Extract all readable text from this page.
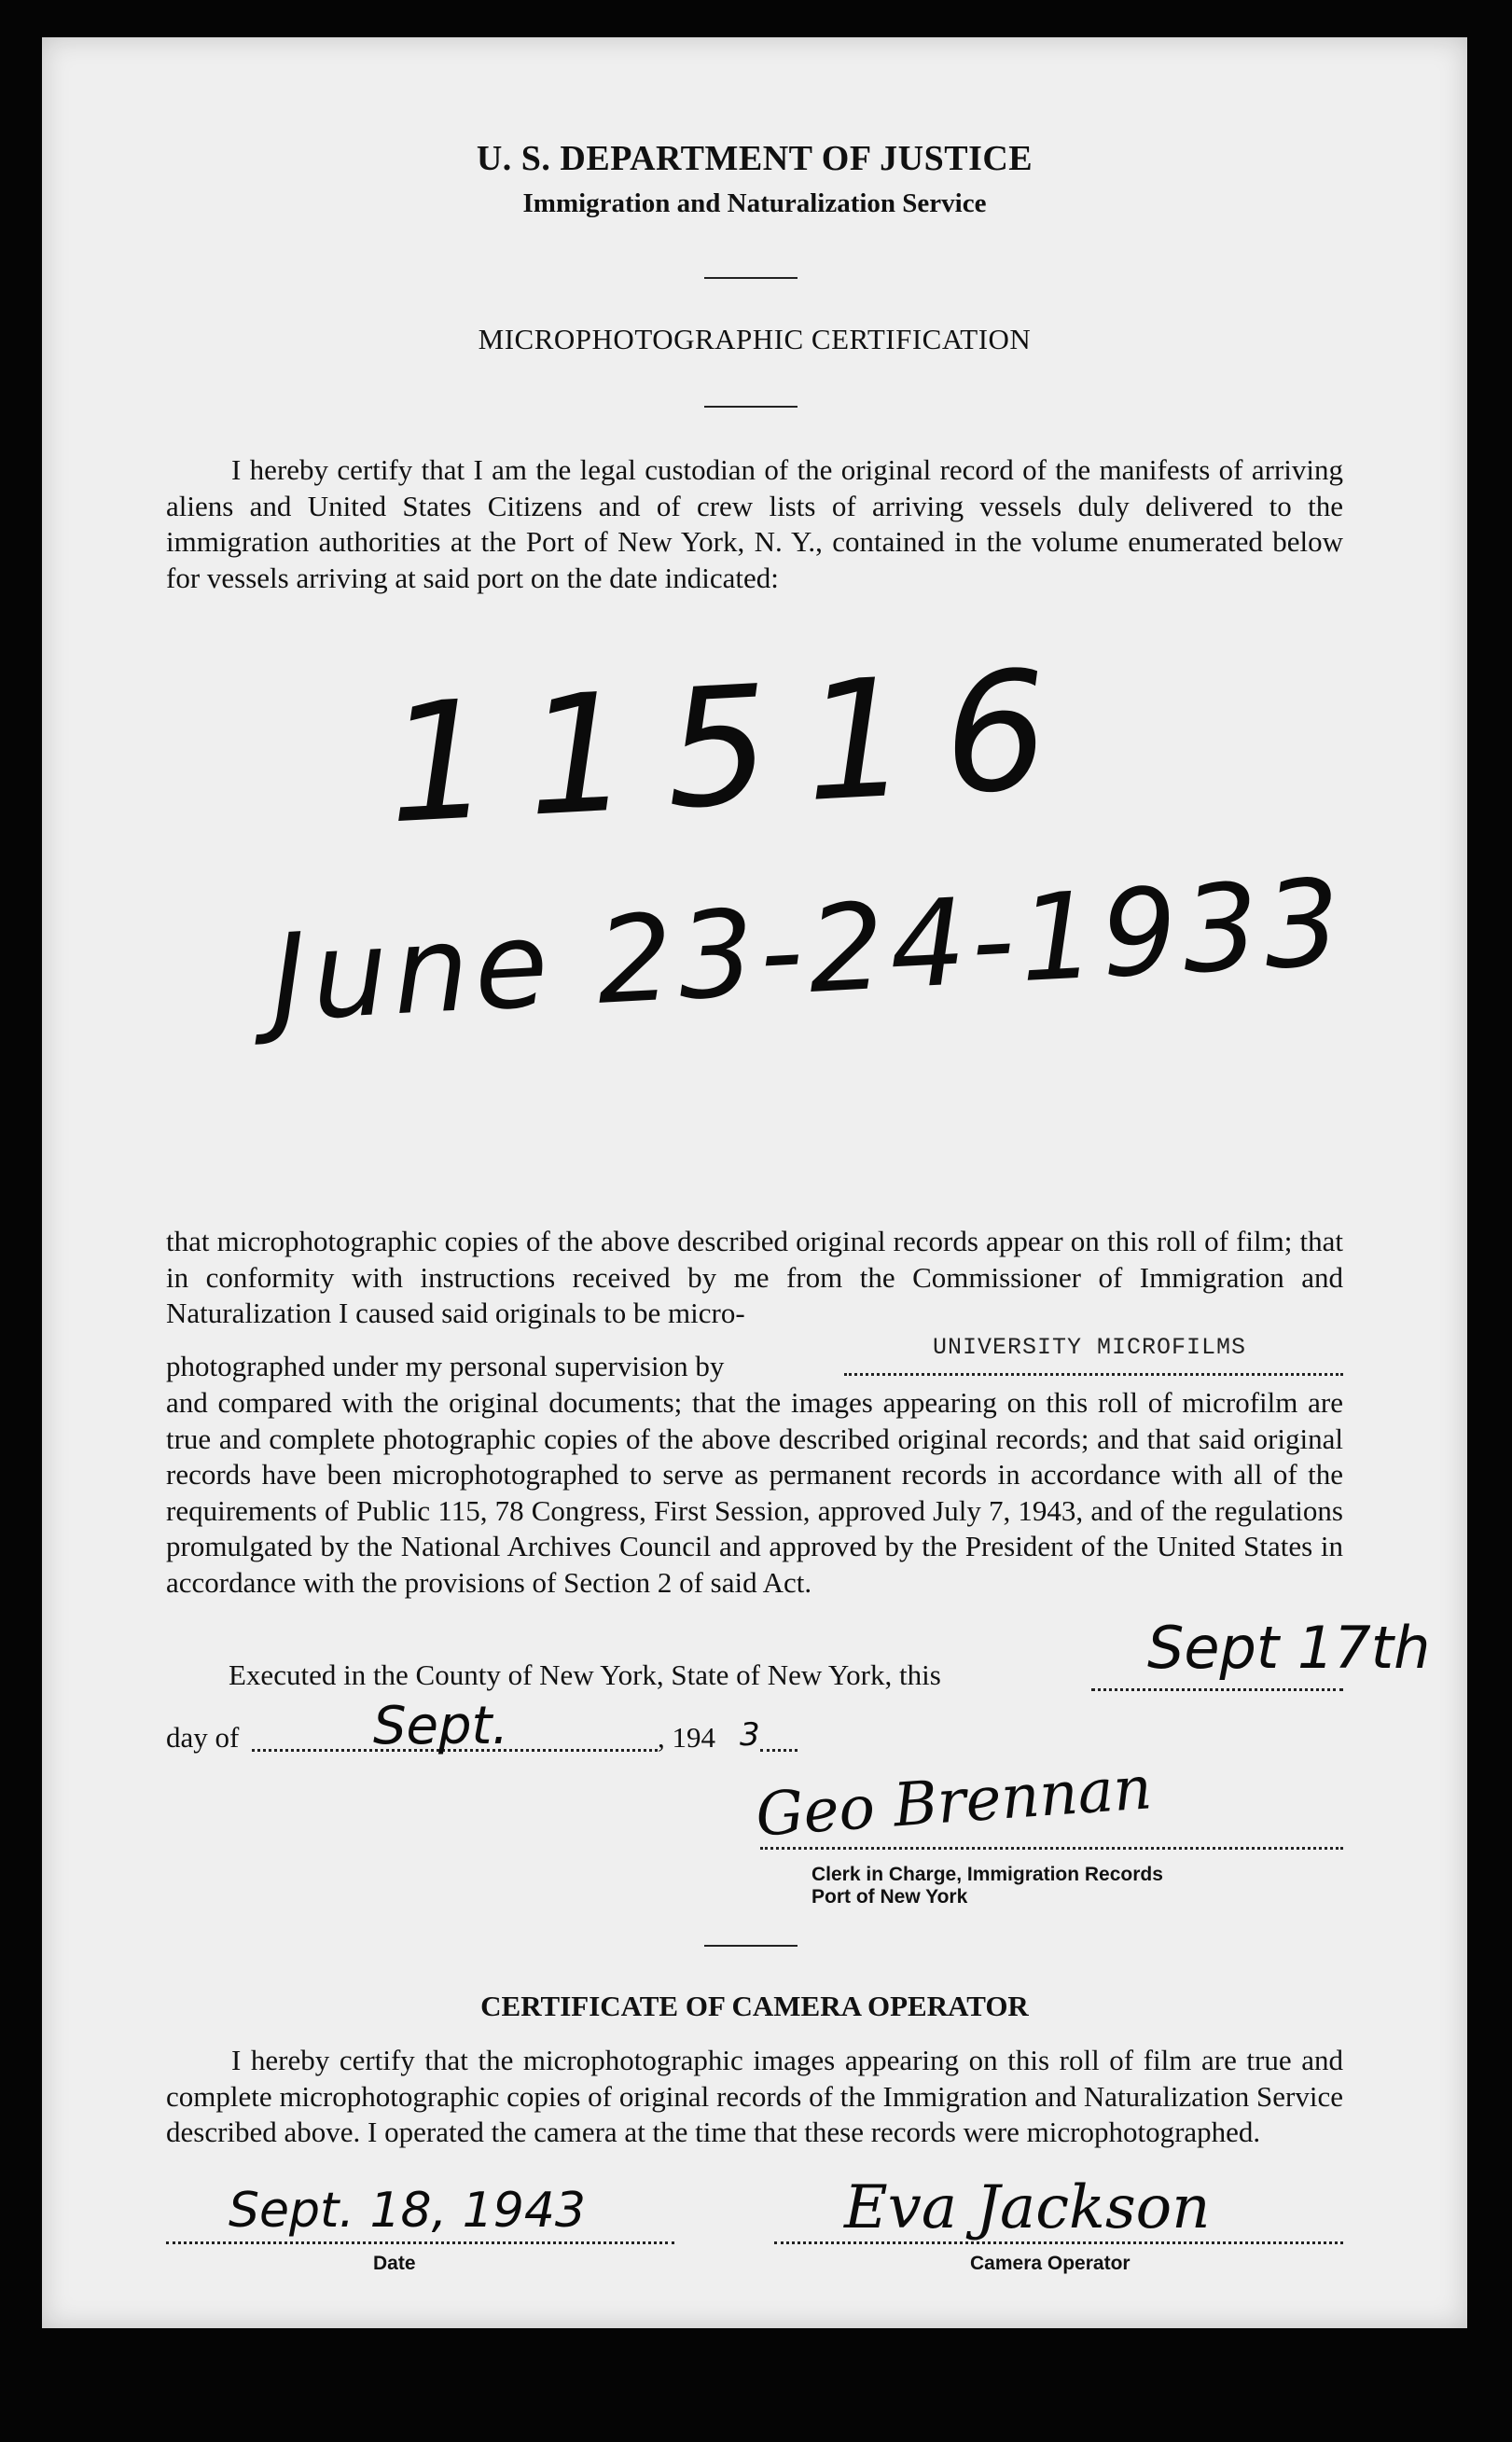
U. S. DEPARTMENT OF JUSTICE
Immigration and Naturalization Service
MICROPHOTOGRAPHIC CERTIFICATION
I hereby certify that I am the legal custodian of the original record of the manifests of arriving aliens and United States Citizens and of crew lists of arriving vessels duly delivered to the immigration authorities at the Port of New York, N. Y., contained in the volume enumerated below for vessels arriving at said port on the date indicated:
11516
June 23-24-1933
that microphotographic copies of the above described original records appear on this roll of film; that in conformity with instructions received by me from the Commissioner of Immigration and Naturalization I caused said originals to be micro-
photographed under my personal supervision by
UNIVERSITY MICROFILMS
and compared with the original documents; that the images appearing on this roll of microfilm are true and complete photographic copies of the above described original records; and that said original records have been microphotographed to serve as permanent records in accordance with all of the requirements of Public 115, 78 Congress, First Session, approved July 7, 1943, and of the regulations promulgated by the National Archives Council and approved by the President of the United States in accordance with the provisions of Section 2 of said Act.
Executed in the County of New York, State of New York, this	Sept 17th
day of	Sept.	, 194 3
Geo Brennan
Clerk in Charge, Immigration Records
Port of New York
CERTIFICATE OF CAMERA OPERATOR
I hereby certify that the microphotographic images appearing on this roll of film are true and complete microphotographic copies of original records of the Immigration and Naturalization Service described above. I operated the camera at the time that these records were microphotographed.
Sept. 18, 1943
Date
Eva Jackson
Camera Operator
